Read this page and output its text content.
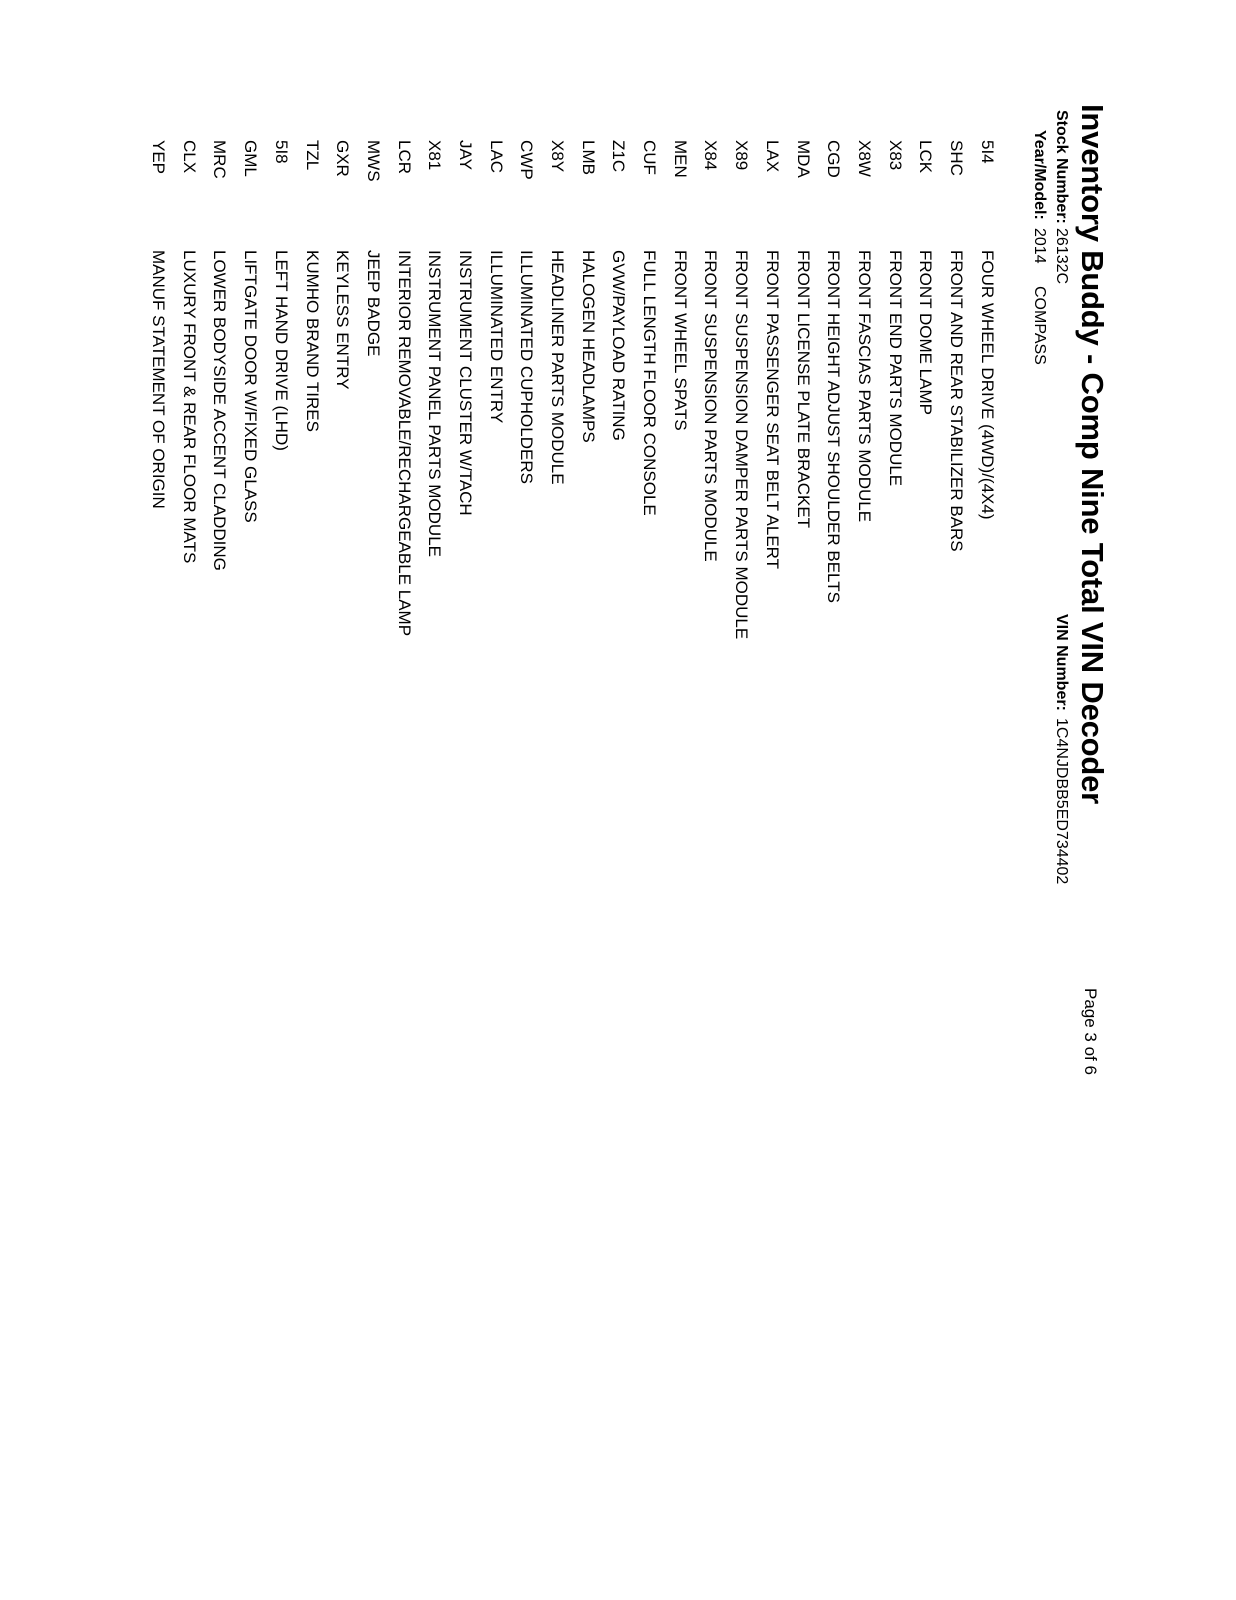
Inventory Buddy - Comp Nine Total VIN Decoder
Page 3 of 6
Stock Number:
26132C
VIN Number:
1C4NJDBB5ED734402
Year/Model:
2014
COMPASS
5I4
FOUR WHEEL DRIVE (4WD)/(4X4)
SHC
FRONT AND REAR STABILIZER BARS
LCK
FRONT DOME LAMP
X83
FRONT END PARTS MODULE
X8W
FRONT FASCIAS PARTS MODULE
CGD
FRONT HEIGHT ADJUST SHOULDER BELTS
MDA
FRONT LICENSE PLATE BRACKET
LAX
FRONT PASSENGER SEAT BELT ALERT
X89
FRONT SUSPENSION DAMPER PARTS MODULE
X84
FRONT SUSPENSION PARTS MODULE
MEN
FRONT WHEEL SPATS
CUF
FULL LENGTH FLOOR CONSOLE
Z1C
GVW/PAYLOAD RATING
LMB
HALOGEN HEADLAMPS
X8Y
HEADLINER PARTS MODULE
CWP
ILLUMINATED CUPHOLDERS
LAC
ILLUMINATED ENTRY
JAY
INSTRUMENT CLUSTER W/TACH
X81
INSTRUMENT PANEL PARTS MODULE
LCR
INTERIOR REMOVABLE/RECHARGEABLE LAMP
MWS
JEEP BADGE
GXR
KEYLESS ENTRY
TZL
KUMHO BRAND TIRES
5I8
LEFT HAND DRIVE (LHD)
GML
LIFTGATE DOOR W/FIXED GLASS
MRC
LOWER BODYSIDE ACCENT CLADDING
CLX
LUXURY FRONT & REAR FLOOR MATS
YEP
MANUF STATEMENT OF ORIGIN
